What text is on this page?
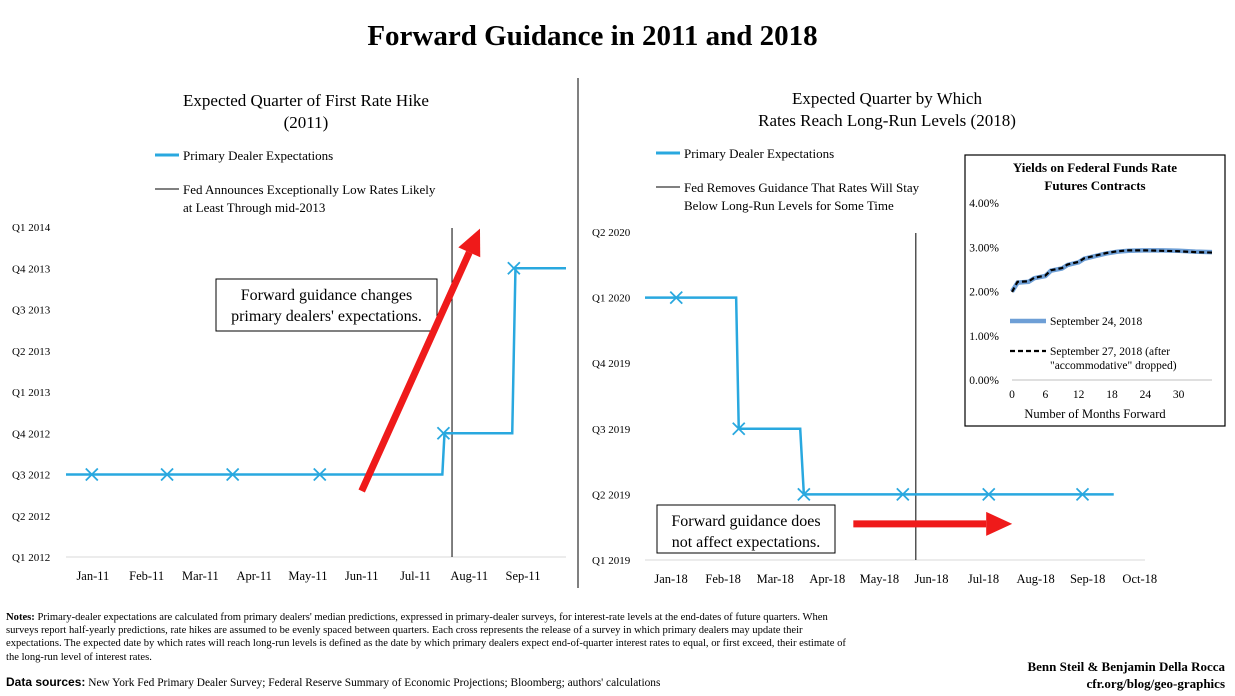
Forward Guidance in 2011 and 2018
Expected Quarter of First Rate Hike
(2011)
Primary Dealer Expectations
Fed Announces Exceptionally Low Rates Likely
at Least Through mid-2013
Q1 2012
Q2 2012
Q3 2012
Q4 2012
Q1 2013
Q2 2013
Q3 2013
Q4 2013
Q1 2014
Jan-11 Feb-11 Mar-11 Apr-11 May-11 Jun-11 Jul-11 Aug-11 Sep-11
Forward guidance changes
primary dealers' expectations.
Expected Quarter by Which
Rates Reach Long-Run Levels (2018)
Primary Dealer Expectations
Fed Removes Guidance That Rates Will Stay
Below Long-Run Levels for Some Time
Q1 2019
Q2 2019
Q3 2019
Q4 2019
Q1 2020
Q2 2020
Jan-18 Feb-18 Mar-18 Apr-18 May-18 Jun-18 Jul-18 Aug-18 Sep-18 Oct-18
Forward guidance does
not affect expectations.
Yields on Federal Funds Rate
Futures Contracts
0.00%
1.00%
2.00%
3.00%
4.00%
0 6 12 18 24 30
Number of Months Forward
September 24, 2018
September 27, 2018 (after
"accommodative" dropped)
Notes: Primary-dealer expectations are calculated from primary dealers' median predictions, expressed in primary-dealer surveys, for interest-rate levels at the end-dates of future quarters. When surveys report half-yearly predictions, rate hikes are assumed to be evenly spaced between quarters. Each cross represents the release of a survey in which primary dealers may update their expectations. The expected date by which rates will reach long-run levels is defined as the date by which primary dealers expect end-of-quarter interest rates to equal, or first exceed, their estimate of the long-run level of interest rates.
Data sources: New York Fed Primary Dealer Survey; Federal Reserve Summary of Economic Projections; Bloomberg; authors' calculations
Benn Steil & Benjamin Della Rocca
cfr.org/blog/geo-graphics
